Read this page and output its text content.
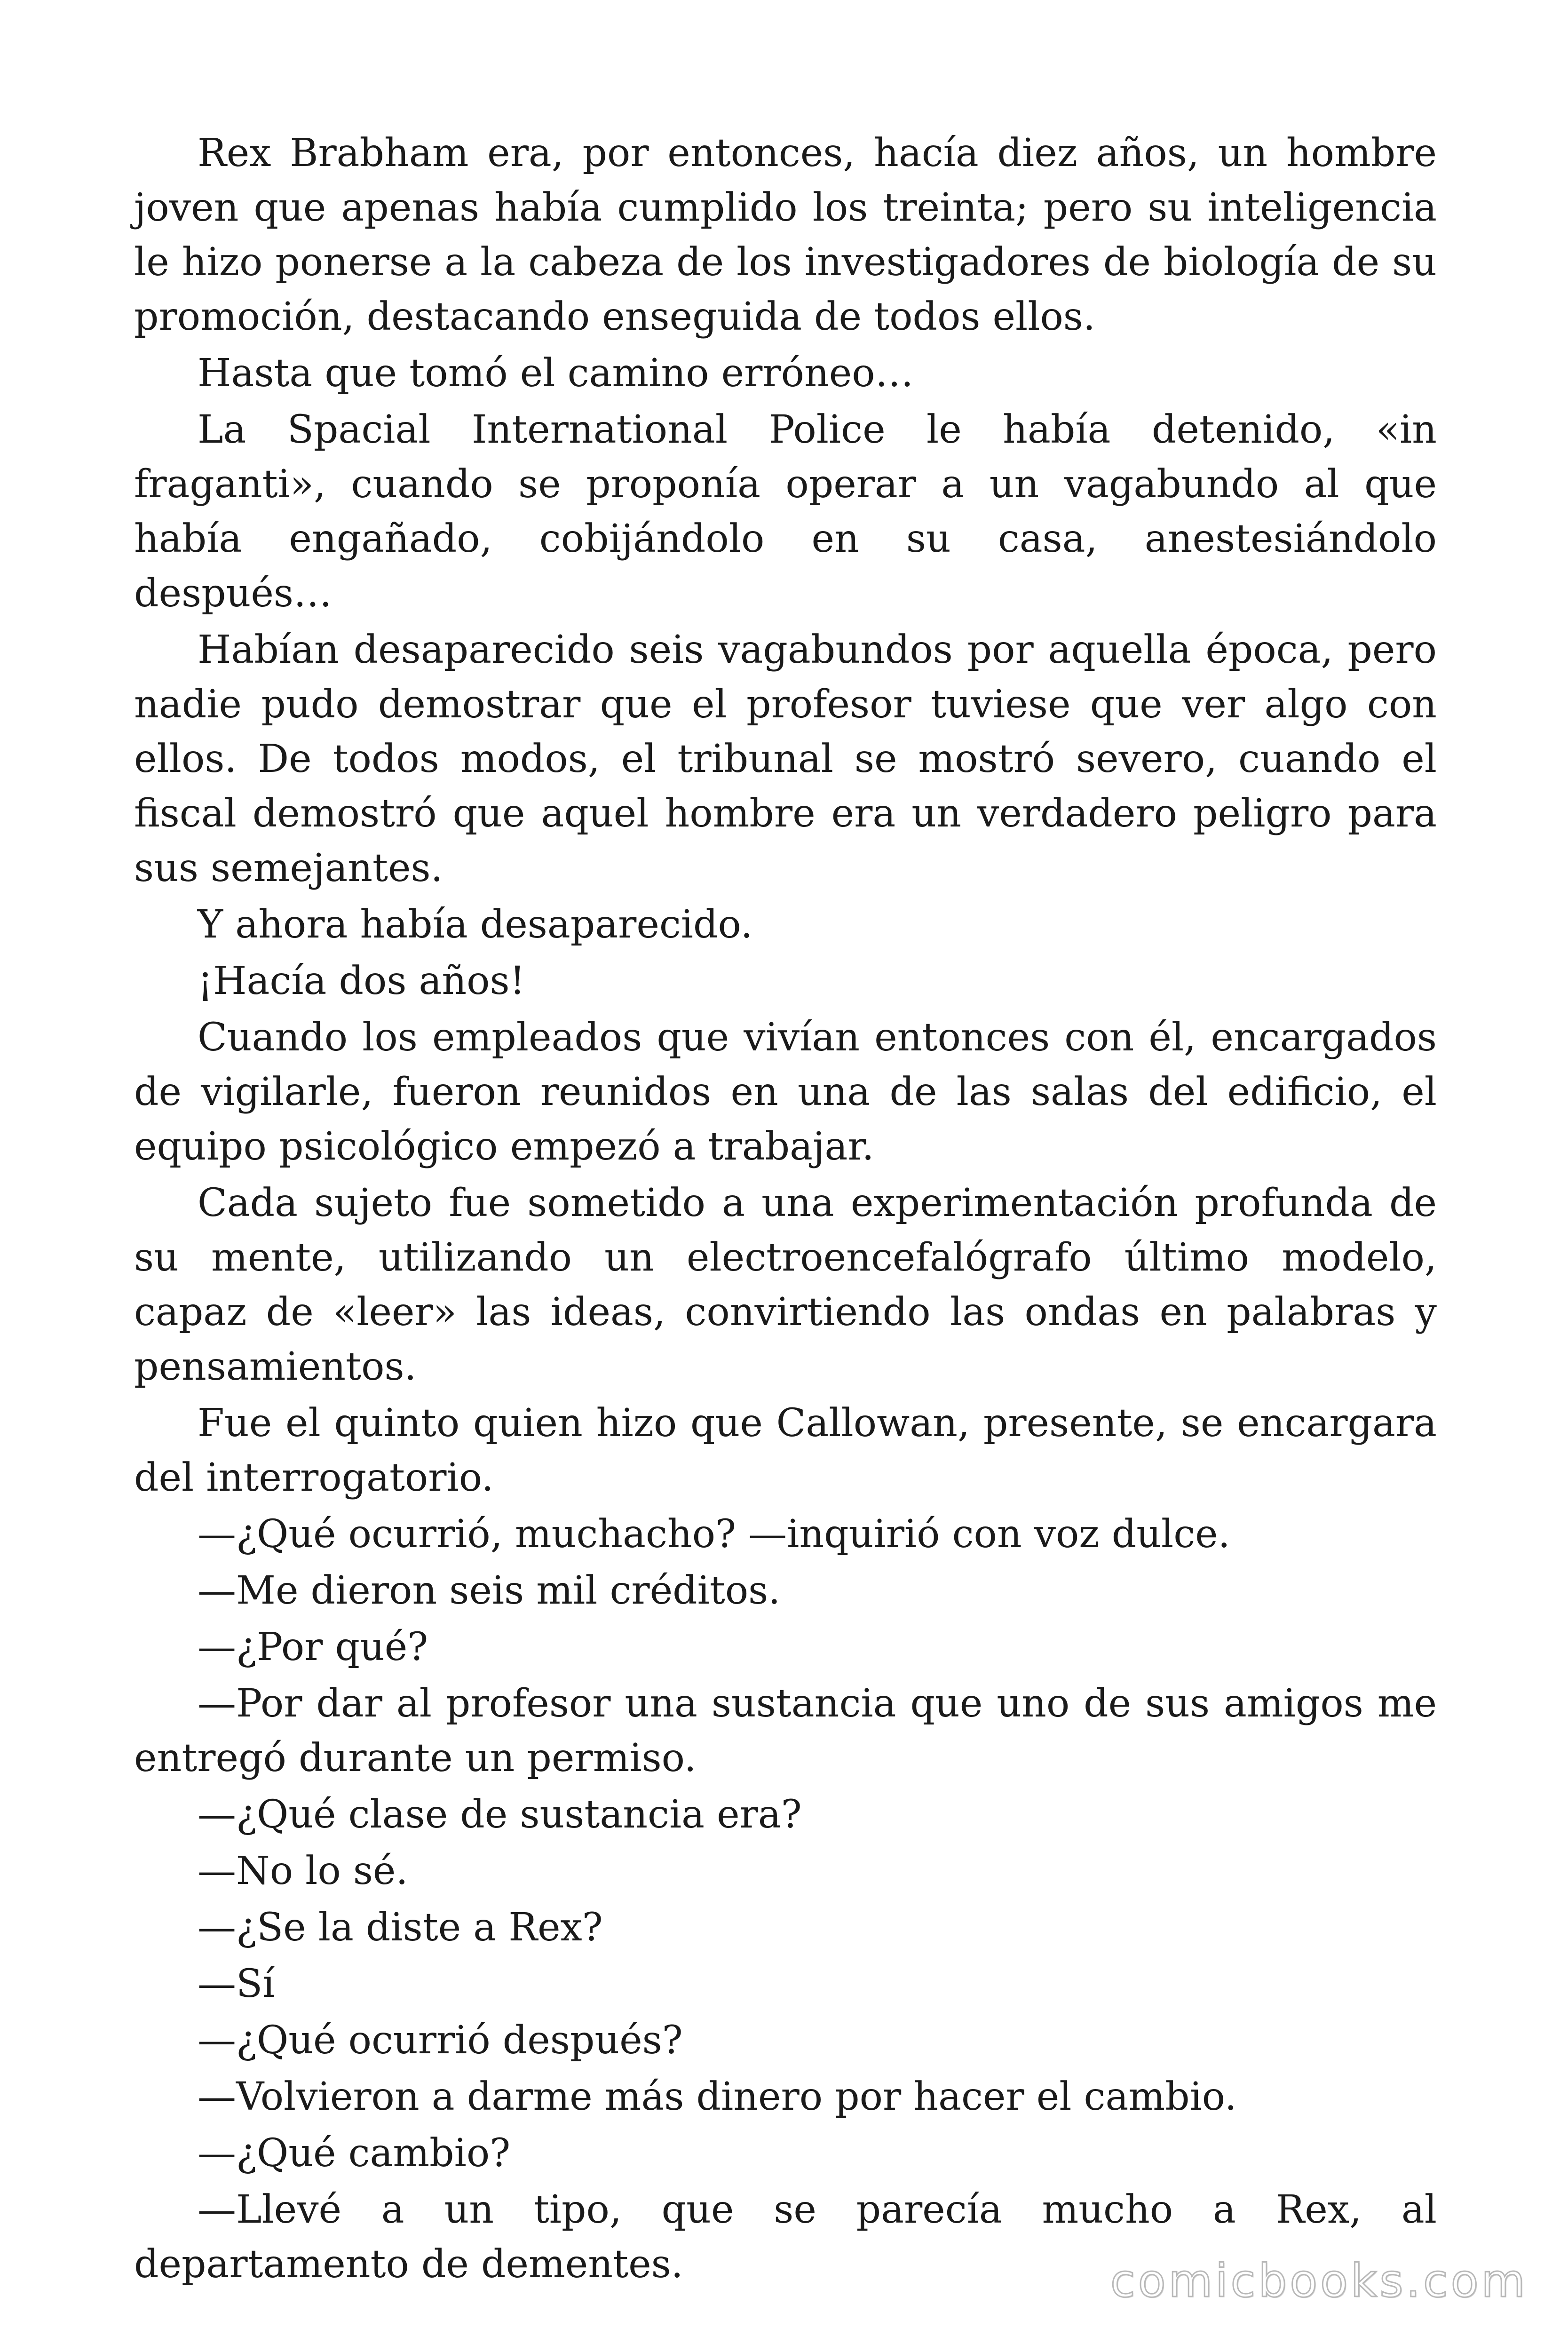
Rex Brabham era, por entonces, hacía diez años, un hombre joven que apenas había cumplido los treinta; pero su inteligencia le hizo ponerse a la cabeza de los investigadores de biología de su promoción, destacando enseguida de todos ellos.

Hasta que tomó el camino erróneo…

La Spacial International Police le había detenido, «in fraganti», cuando se proponía operar a un vagabundo al que había engañado, cobijándolo en su casa, anestesiándolo después…

Habían desaparecido seis vagabundos por aquella época, pero nadie pudo demostrar que el profesor tuviese que ver algo con ellos. De todos modos, el tribunal se mostró severo, cuando el fiscal demostró que aquel hombre era un verdadero peligro para sus semejantes.

Y ahora había desaparecido.

¡Hacía dos años!

Cuando los empleados que vivían entonces con él, encargados de vigilarle, fueron reunidos en una de las salas del edificio, el equipo psicológico empezó a trabajar.

Cada sujeto fue sometido a una experimentación profunda de su mente, utilizando un electroencefalógrafo último modelo, capaz de «leer» las ideas, convirtiendo las ondas en palabras y pensamientos.

Fue el quinto quien hizo que Callowan, presente, se encargara del interrogatorio.

—¿Qué ocurrió, muchacho? —inquirió con voz dulce.

—Me dieron seis mil créditos.

—¿Por qué?

—Por dar al profesor una sustancia que uno de sus amigos me entregó durante un permiso.

—¿Qué clase de sustancia era?

—No lo sé.

—¿Se la diste a Rex?

—Sí

—¿Qué ocurrió después?

—Volvieron a darme más dinero por hacer el cambio.

—¿Qué cambio?

—Llevé a un tipo, que se parecía mucho a Rex, al departamento de dementes.	comicbooks.com
